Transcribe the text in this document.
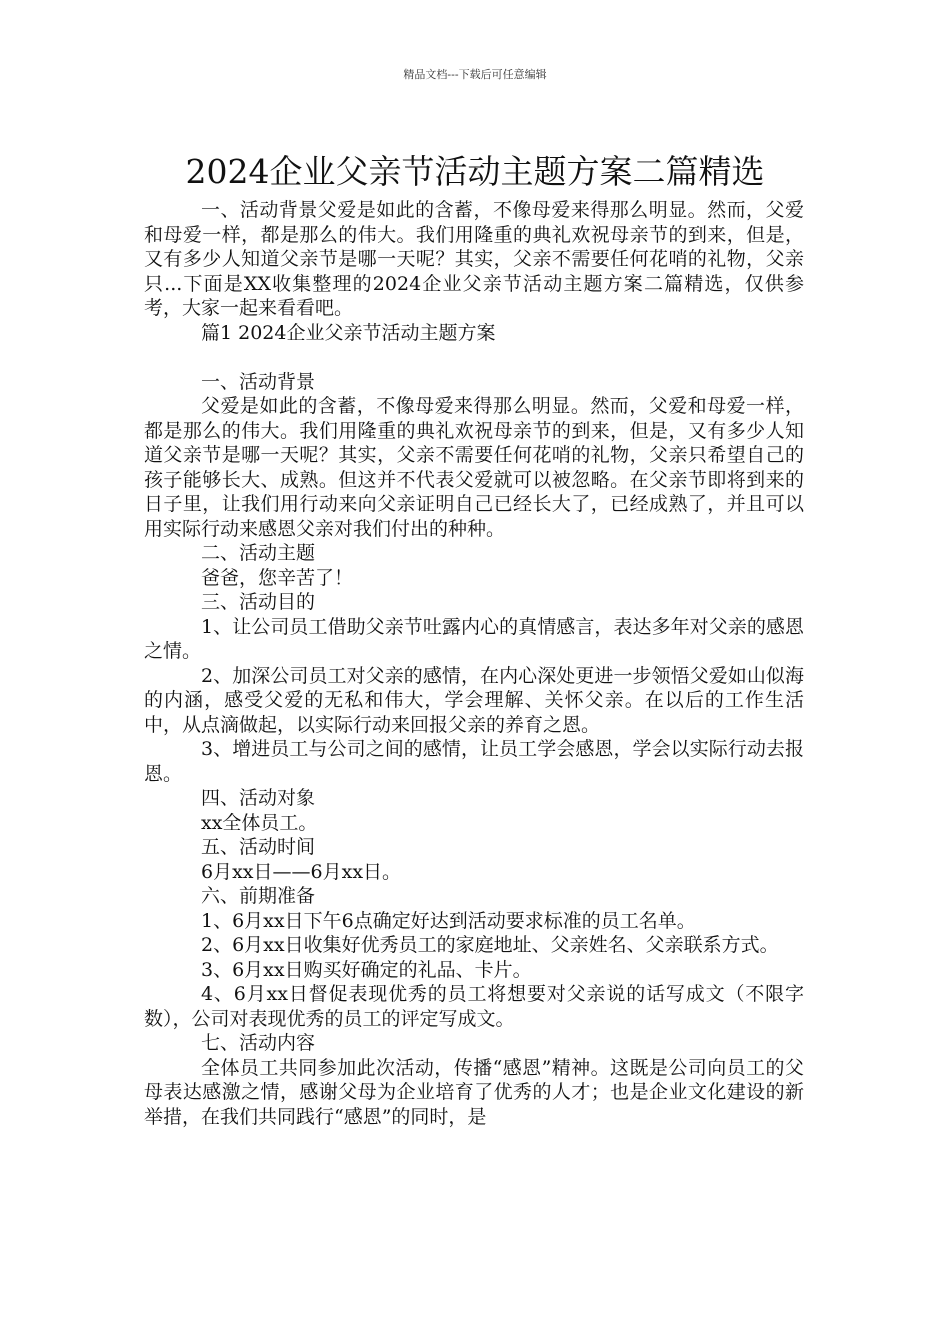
精品文档---下载后可任意编辑
2024企业父亲节活动主题方案二篇精选

一、活动背景父爱是如此的含蓄，不像母爱来得那么明显。然而，父爱和母爱一样，都是那么的伟大。我们用隆重的典礼欢祝母亲节的到来，但是，又有多少人知道父亲节是哪一天呢？其实，父亲不需要任何花哨的礼物，父亲只...下面是XX收集整理的2024企业父亲节活动主题方案二篇精选，仅供参考，大家一起来看看吧。

篇1 2024企业父亲节活动主题方案

一、活动背景

父爱是如此的含蓄，不像母爱来得那么明显。然而，父爱和母爱一样，都是那么的伟大。我们用隆重的典礼欢祝母亲节的到来，但是，又有多少人知道父亲节是哪一天呢？其实，父亲不需要任何花哨的礼物，父亲只希望自己的孩子能够长大、成熟。但这并不代表父爱就可以被忽略。在父亲节即将到来的日子里，让我们用行动来向父亲证明自己已经长大了，已经成熟了，并且可以用实际行动来感恩父亲对我们付出的种种。

二、活动主题

爸爸，您辛苦了！

三、活动目的

1、让公司员工借助父亲节吐露内心的真情感言，表达多年对父亲的感恩之情。

2、加深公司员工对父亲的感情，在内心深处更进一步领悟父爱如山似海的内涵，感受父爱的无私和伟大，学会理解、关怀父亲。在以后的工作生活中，从点滴做起，以实际行动来回报父亲的养育之恩。

3、增进员工与公司之间的感情，让员工学会感恩，学会以实际行动去报恩。

四、活动对象

xx全体员工。

五、活动时间

6月xx日——6月xx日。

六、前期准备

1、6月xx日下午6点确定好达到活动要求标准的员工名单。

2、6月xx日收集好优秀员工的家庭地址、父亲姓名、父亲联系方式。

3、6月xx日购买好确定的礼品、卡片。

4、6月xx日督促表现优秀的员工将想要对父亲说的话写成文（不限字数），公司对表现优秀的员工的评定写成文。

七、活动内容

全体员工共同参加此次活动，传播“感恩”精神。这既是公司向员工的父母表达感激之情，感谢父母为企业培育了优秀的人才；也是企业文化建设的新举措，在我们共同践行“感恩”的同时，是
